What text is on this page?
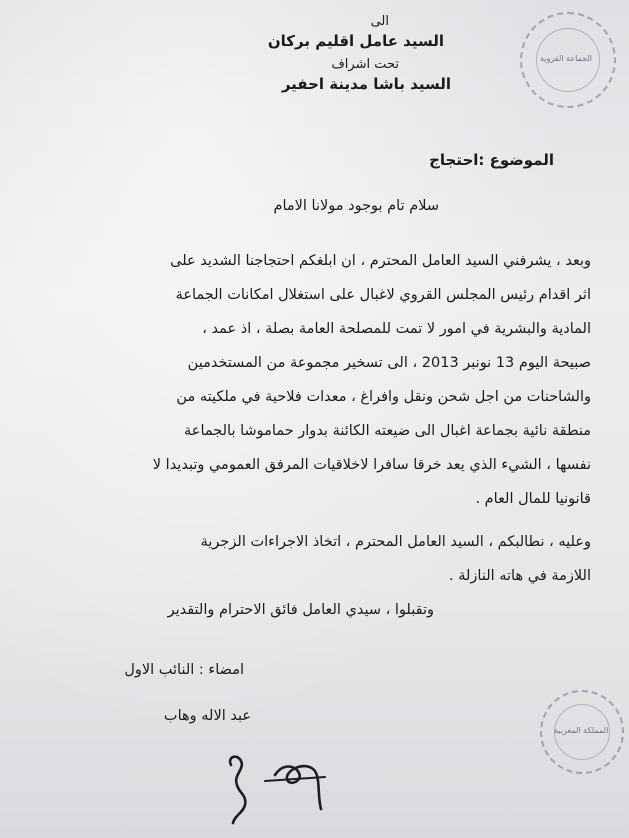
الجماعة القروية
المملكة المغربية
الى
السيد عامل اقليم بركان
تحت اشراف
السيد باشا مدينة احفير
الموضوع :احتجاج
سلام تام بوجود مولانا الامام
وبعد ، يشرفني السيد العامل المحترم ، ان ابلغكم احتجاجنا الشديد على
اثر اقدام رئيس المجلس القروي لاغبال على استغلال امكانات الجماعة
المادية والبشرية في امور لا تمت للمصلحة العامة بصلة ، اذ عمد ،
صبيحة اليوم 13 نونبر 2013 ، الى تسخير مجموعة من المستخدمين
والشاحنات من اجل شحن ونقل وافراغ ، معدات فلاحية في ملكيته من
منطقة نائية بجماعة اغبال الى ضيعته الكائنة بدوار حماموشا بالجماعة
نفسها ، الشيء الذي يعد خرقا سافرا لاخلاقيات المرفق العمومي وتبديدا لا
قانونيا للمال العام .
وعليه ، نطالبكم ، السيد العامل المحترم ، اتخاذ الاجراءات الزجرية
اللازمة في هاته النازلة .
وتقبلوا ، سيدي العامل فائق الاحترام والتقدير
امضاء : النائب الاول
عبد الاله وهاب
